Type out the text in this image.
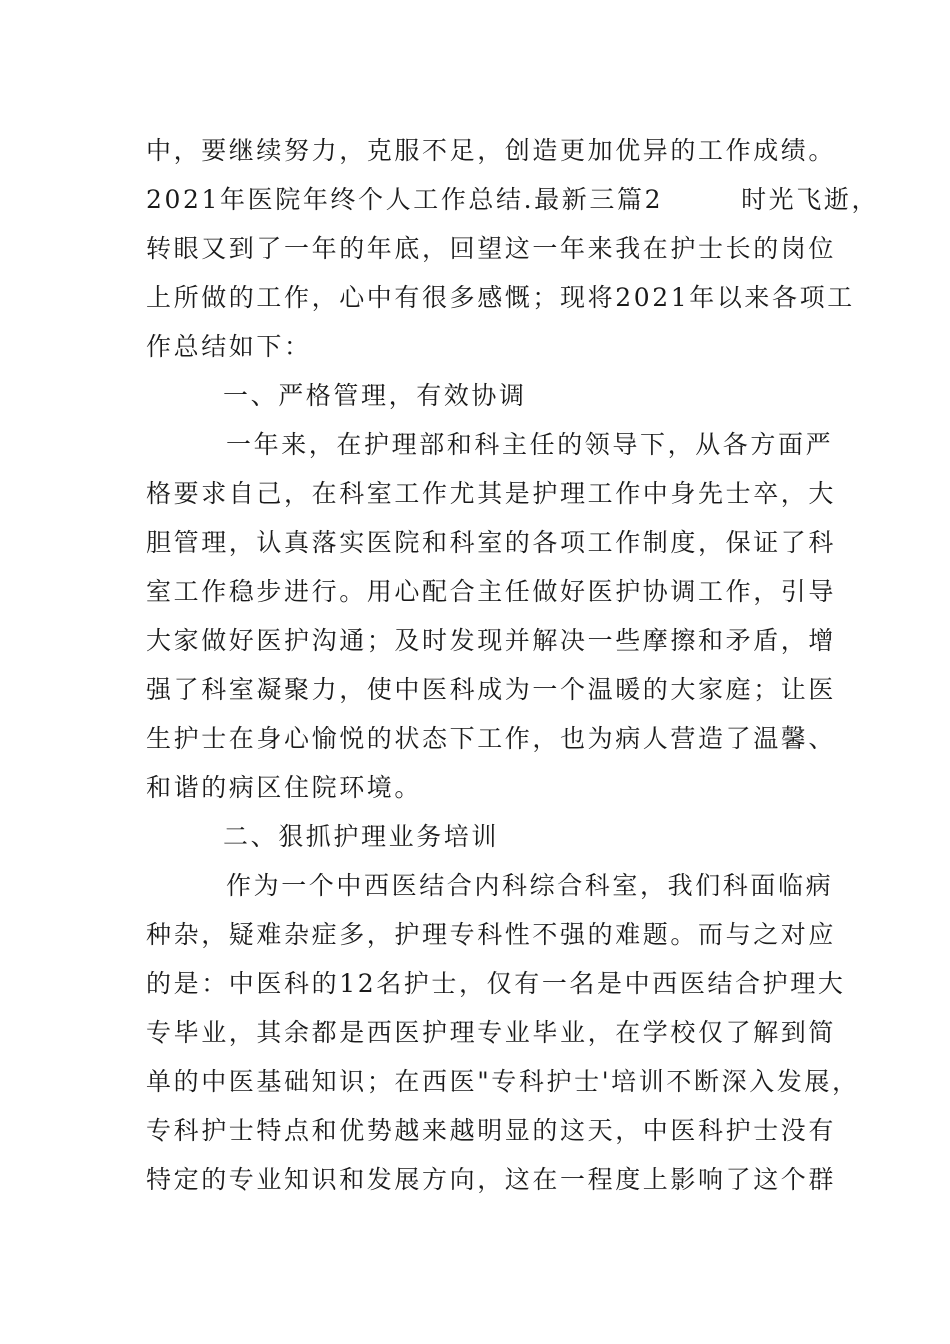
中，要继续努力，克服不足，创造更加优异的工作成绩。
2021年医院年终个人工作总结.最新三篇2	时光飞逝，
转眼又到了一年的年底，回望这一年来我在护士长的岗位
上所做的工作，心中有很多感慨；现将2021年以来各项工
作总结如下：
一、严格管理，有效协调
一年来，在护理部和科主任的领导下，从各方面严
格要求自己，在科室工作尤其是护理工作中身先士卒，大
胆管理，认真落实医院和科室的各项工作制度，保证了科
室工作稳步进行。用心配合主任做好医护协调工作，引导
大家做好医护沟通；及时发现并解决一些摩擦和矛盾，增
强了科室凝聚力，使中医科成为一个温暖的大家庭；让医
生护士在身心愉悦的状态下工作，也为病人营造了温馨、
和谐的病区住院环境。
二、狠抓护理业务培训
作为一个中西医结合内科综合科室，我们科面临病
种杂，疑难杂症多，护理专科性不强的难题。而与之对应
的是：中医科的12名护士，仅有一名是中西医结合护理大
专毕业，其余都是西医护理专业毕业，在学校仅了解到简
单的中医基础知识；在西医"专科护士'培训不断深入发展，
专科护士特点和优势越来越明显的这天，中医科护士没有
特定的专业知识和发展方向，这在一程度上影响了这个群
